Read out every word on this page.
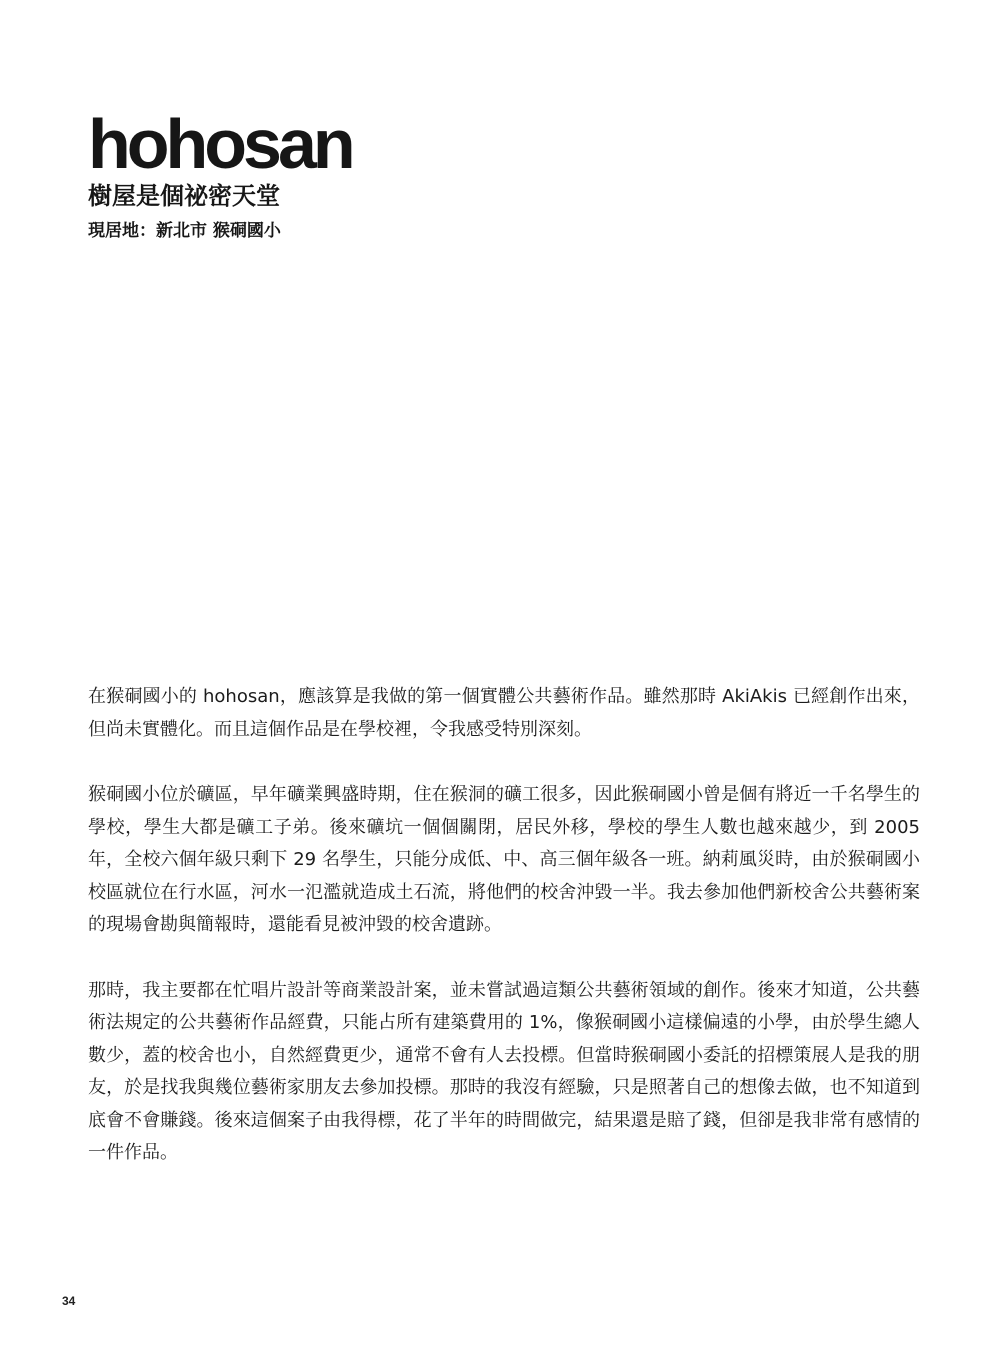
hohosan
樹屋是個祕密天堂

現居地：新北市 猴硐國小

在猴硐國小的 hohosan，應該算是我做的第一個實體公共藝術作品。雖然那時 AkiAkis 已經創作出來，但尚未實體化。而且這個作品是在學校裡，令我感受特別深刻。

猴硐國小位於礦區，早年礦業興盛時期，住在猴洞的礦工很多，因此猴硐國小曾是個有將近一千名學生的學校，學生大都是礦工子弟。後來礦坑一個個關閉，居民外移，學校的學生人數也越來越少，到 2005 年，全校六個年級只剩下 29 名學生，只能分成低、中、高三個年級各一班。納莉風災時，由於猴硐國小校區就位在行水區，河水一氾濫就造成土石流，將他們的校舍沖毀一半。我去參加他們新校舍公共藝術案的現場會勘與簡報時，還能看見被沖毀的校舍遺跡。

那時，我主要都在忙唱片設計等商業設計案，並未嘗試過這類公共藝術領域的創作。後來才知道，公共藝術法規定的公共藝術作品經費，只能占所有建築費用的 1%，像猴硐國小這樣偏遠的小學，由於學生總人數少，蓋的校舍也小，自然經費更少，通常不會有人去投標。但當時猴硐國小委託的招標策展人是我的朋友，於是找我與幾位藝術家朋友去參加投標。那時的我沒有經驗，只是照著自己的想像去做，也不知道到底會不會賺錢。後來這個案子由我得標，花了半年的時間做完，結果還是賠了錢，但卻是我非常有感情的一件作品。

34
